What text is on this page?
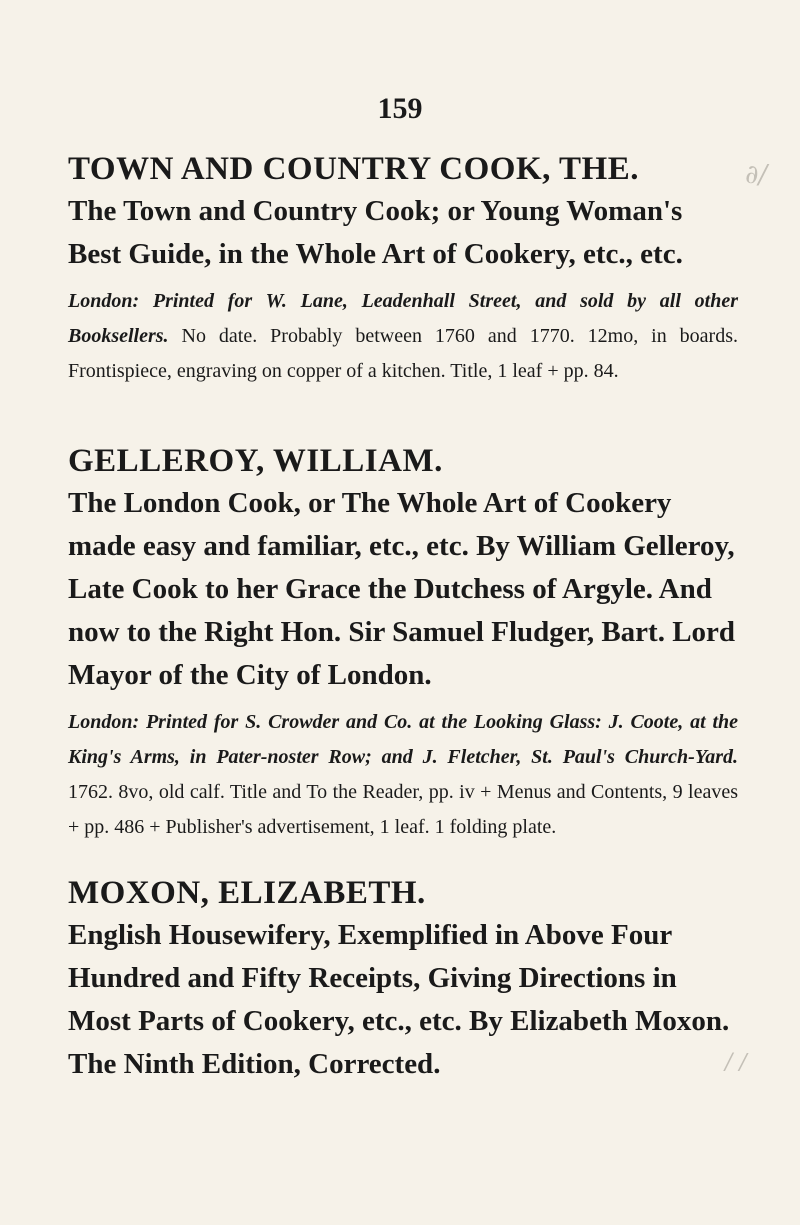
159

TOWN AND COUNTRY COOK, THE.

The Town and Country Cook; or Young Woman's Best Guide, in the Whole Art of Cookery, etc., etc.

London: Printed for W. Lane, Leadenhall Street, and sold by all other Booksellers. No date. Probably between 1760 and 1770. 12mo, in boards. Frontispiece, engraving on copper of a kitchen. Title, 1 leaf + pp. 84.

GELLEROY, WILLIAM.

The London Cook, or The Whole Art of Cookery made easy and familiar, etc., etc. By William Gelleroy, Late Cook to her Grace the Dutchess of Argyle. And now to the Right Hon. Sir Samuel Fludger, Bart. Lord Mayor of the City of London.

London: Printed for S. Crowder and Co. at the Looking Glass: J. Coote, at the King's Arms, in Pater-noster Row; and J. Fletcher, St. Paul's Church-Yard. 1762. 8vo, old calf. Title and To the Reader, pp. iv + Menus and Contents, 9 leaves + pp. 486 + Publisher's advertisement, 1 leaf. 1 folding plate.

MOXON, ELIZABETH.

English Housewifery, Exemplified in Above Four Hundred and Fifty Receipts, Giving Directions in Most Parts of Cookery, etc., etc. By Elizabeth Moxon. The Ninth Edition, Corrected.

∂/
/ ∕
